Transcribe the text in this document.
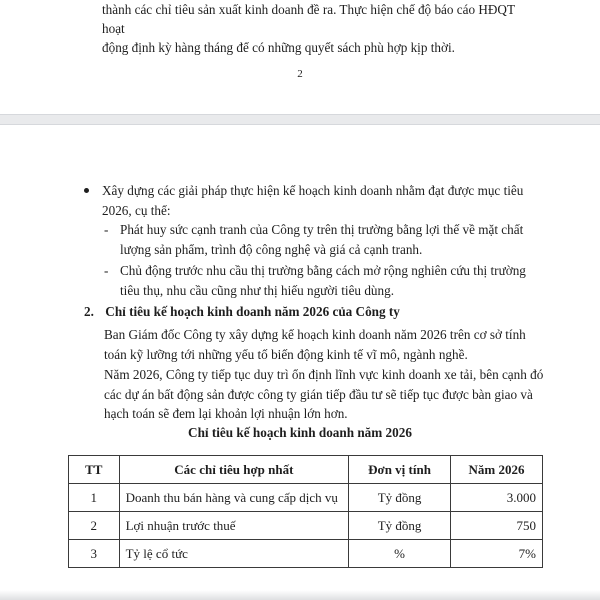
thành các chỉ tiêu sản xuất kinh doanh đề ra. Thực hiện chế độ báo cáo HĐQT hoạt
động định kỳ hàng tháng để có những quyết sách phù hợp kịp thời.
2
Xây dựng các giải pháp thực hiện kế hoạch kinh doanh nhằm đạt được mục tiêu
2026, cụ thể:
- Phát huy sức cạnh tranh của Công ty trên thị trường bằng lợi thế về mặt chất
lượng sản phẩm, trình độ công nghệ và giá cả cạnh tranh.
- Chủ động trước nhu cầu thị trường bằng cách mở rộng nghiên cứu thị trường
tiêu thụ, nhu cầu cũng như thị hiếu người tiêu dùng.
2. Chỉ tiêu kế hoạch kinh doanh năm 2026 của Công ty
Ban Giám đốc Công ty xây dựng kế hoạch kinh doanh năm 2026 trên cơ sở tính
toán kỹ lưỡng tới những yếu tố biến động kinh tế vĩ mô, ngành nghề.
Năm 2026, Công ty tiếp tục duy trì ổn định lĩnh vực kinh doanh xe tải, bên cạnh đó
các dự án bất động sản được công ty gián tiếp đầu tư sẽ tiếp tục được bàn giao và
hạch toán sẽ đem lại khoản lợi nhuận lớn hơn.
Chỉ tiêu kế hoạch kinh doanh năm 2026
TT	Các chỉ tiêu hợp nhất	Đơn vị tính	Năm 2026
1	Doanh thu bán hàng và cung cấp dịch vụ	Tỷ đồng	3.000
2	Lợi nhuận trước thuế	Tỷ đồng	750
3	Tỷ lệ cổ tức	%	7%
